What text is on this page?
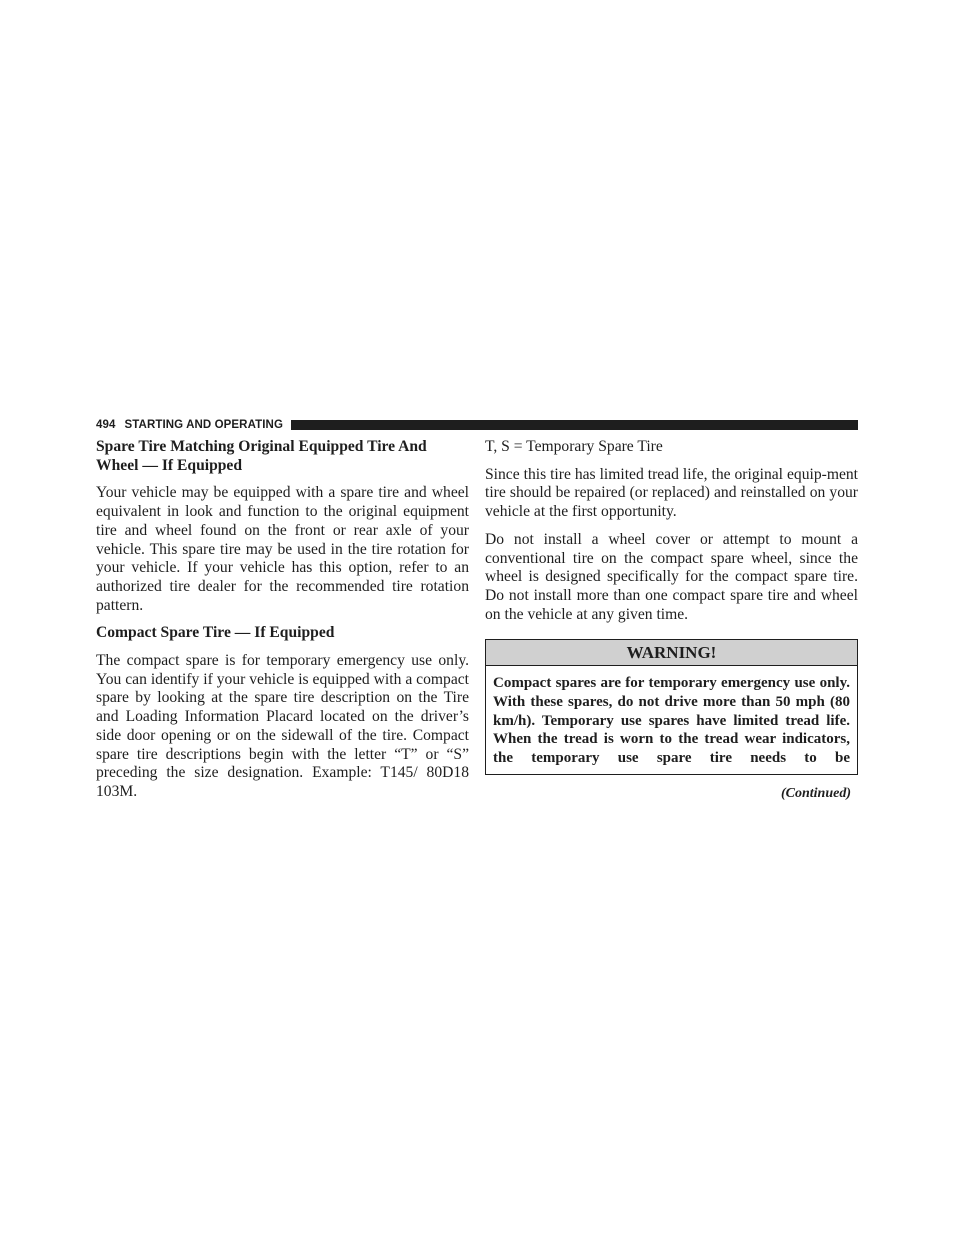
494 STARTING AND OPERATING
Spare Tire Matching Original Equipped Tire And Wheel — If Equipped
Your vehicle may be equipped with a spare tire and wheel equivalent in look and function to the original equipment tire and wheel found on the front or rear axle of your vehicle. This spare tire may be used in the tire rotation for your vehicle. If your vehicle has this option, refer to an authorized tire dealer for the recommended tire rotation pattern.
Compact Spare Tire — If Equipped
The compact spare is for temporary emergency use only. You can identify if your vehicle is equipped with a compact spare by looking at the spare tire description on the Tire and Loading Information Placard located on the driver’s side door opening or on the sidewall of the tire. Compact spare tire descriptions begin with the letter “T” or “S” preceding the size designation. Example: T145/ 80D18 103M.
T, S = Temporary Spare Tire
Since this tire has limited tread life, the original equip-ment tire should be repaired (or replaced) and reinstalled on your vehicle at the first opportunity.
Do not install a wheel cover or attempt to mount a conventional tire on the compact spare wheel, since the wheel is designed specifically for the compact spare tire. Do not install more than one compact spare tire and wheel on the vehicle at any given time.
WARNING!
Compact spares are for temporary emergency use only. With these spares, do not drive more than 50 mph (80 km/h). Temporary use spares have limited tread life. When the tread is worn to the tread wear indicators, the temporary use spare tire needs to be
(Continued)
